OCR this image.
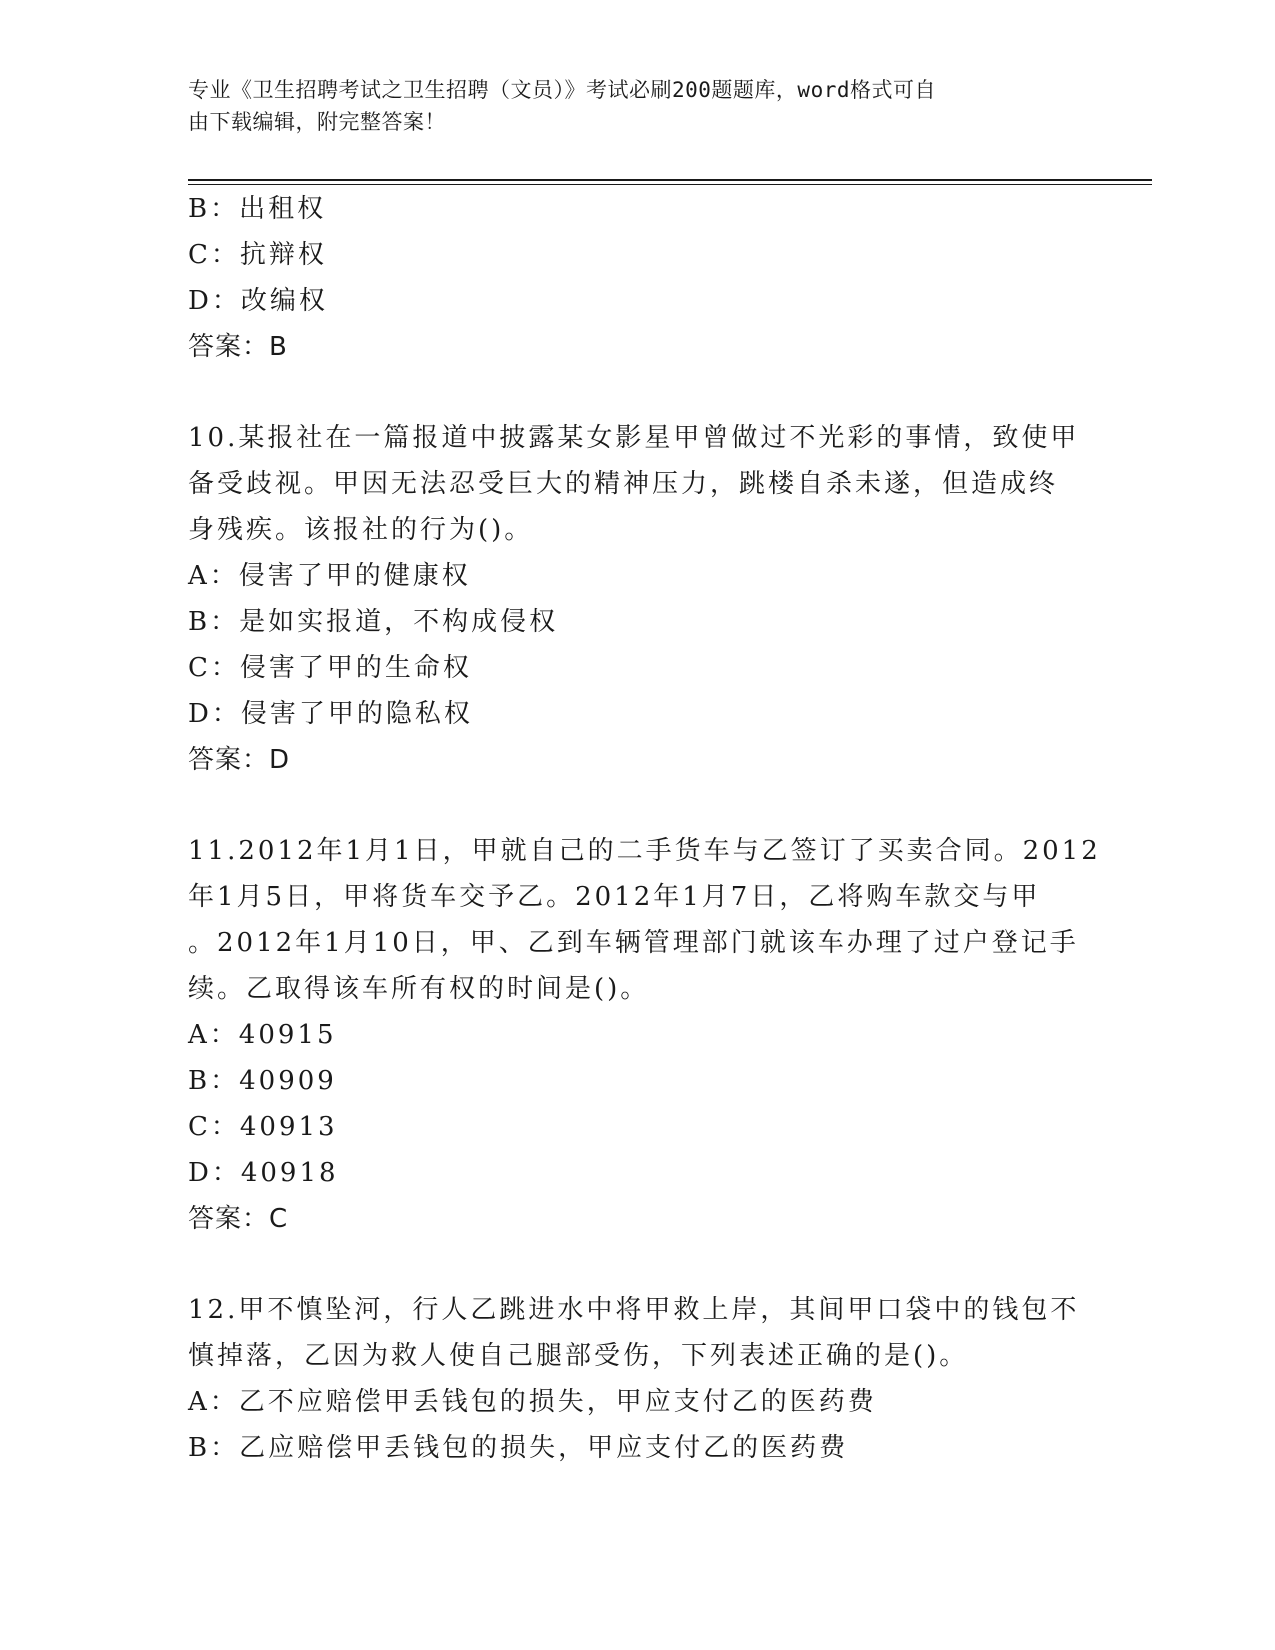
专业《卫生招聘考试之卫生招聘（文员）》考试必刷200题题库，word格式可自
由下载编辑，附完整答案！
B：出租权
C：抗辩权
D：改编权
答案：B
10.某报社在一篇报道中披露某女影星甲曾做过不光彩的事情，致使甲
备受歧视。甲因无法忍受巨大的精神压力，跳楼自杀未遂，但造成终
身残疾。该报社的行为()。
A：侵害了甲的健康权
B：是如实报道，不构成侵权
C：侵害了甲的生命权
D：侵害了甲的隐私权
答案：D
11.2012年1月1日，甲就自己的二手货车与乙签订了买卖合同。2012
年1月5日，甲将货车交予乙。2012年1月7日，乙将购车款交与甲
。2012年1月10日，甲、乙到车辆管理部门就该车办理了过户登记手
续。乙取得该车所有权的时间是()。
A：40915
B：40909
C：40913
D：40918
答案：C
12.甲不慎坠河，行人乙跳进水中将甲救上岸，其间甲口袋中的钱包不
慎掉落，乙因为救人使自己腿部受伤，下列表述正确的是()。
A：乙不应赔偿甲丢钱包的损失，甲应支付乙的医药费
B：乙应赔偿甲丢钱包的损失，甲应支付乙的医药费
